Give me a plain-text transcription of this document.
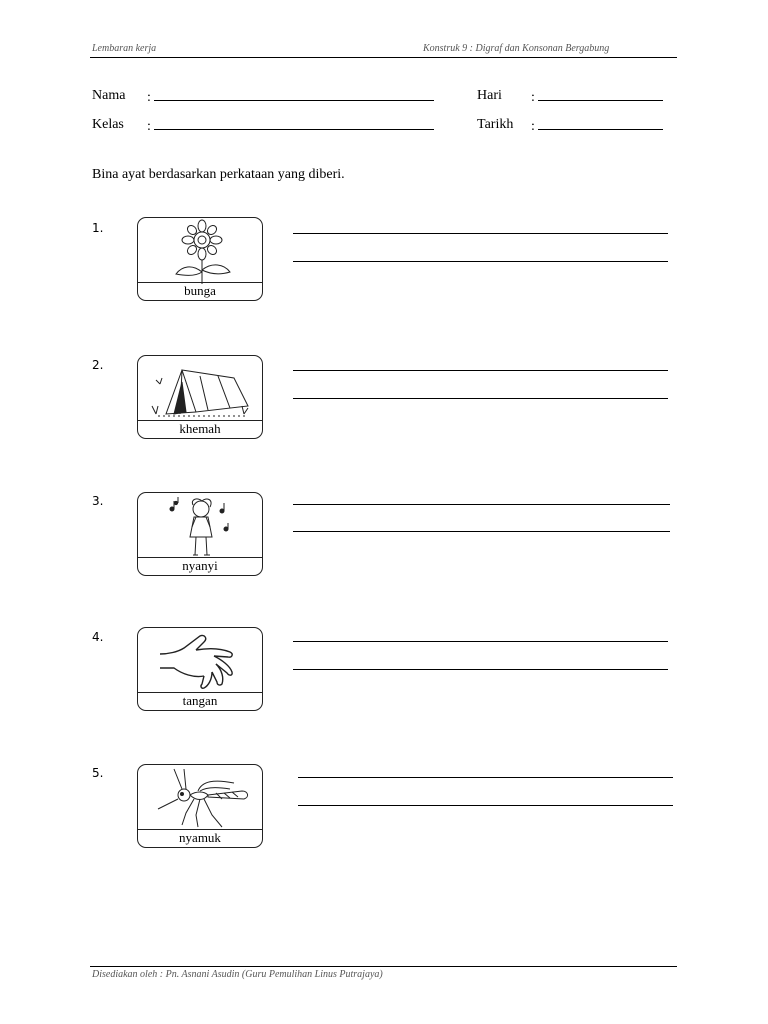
Lembaran kerja	Konstruk 9 : Digraf dan Konsonan Bergabung
Nama :
Kelas :
Hari :
Tarikh :
Bina ayat berdasarkan perkataan yang diberi.
1.
bunga
2.
khemah
3.
nyanyi
4.
tangan
5.
nyamuk
Disediakan oleh : Pn. Asnani Asudin (Guru Pemulihan Linus Putrajaya)
